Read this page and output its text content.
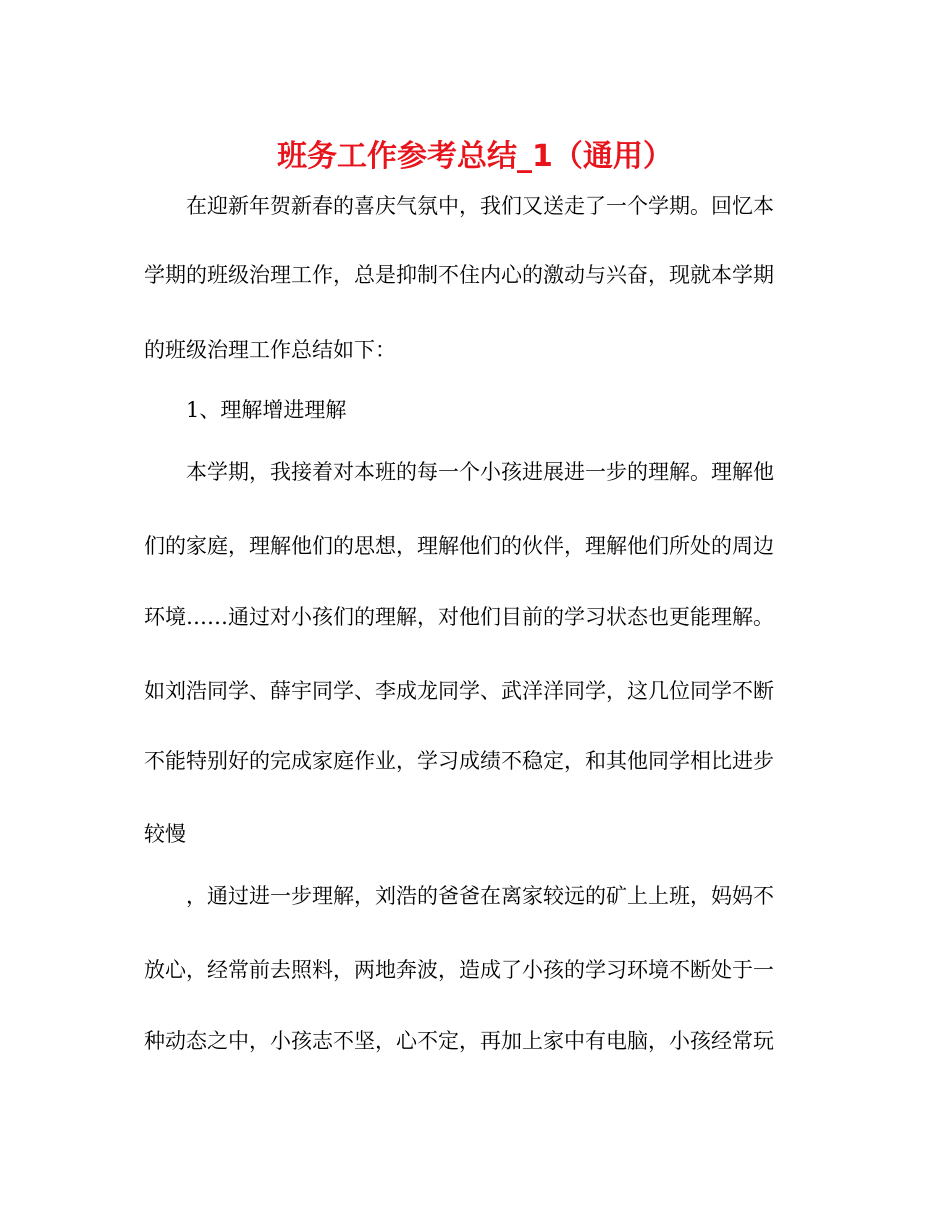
班务工作参考总结_1（通用）
　　在迎新年贺新春的喜庆气氛中，我们又送走了一个学期。回忆本
学期的班级治理工作，总是抑制不住内心的激动与兴奋，现就本学期
的班级治理工作总结如下：
　　1、理解增进理解
　　本学期，我接着对本班的每一个小孩进展进一步的理解。理解他
们的家庭，理解他们的思想，理解他们的伙伴，理解他们所处的周边
环境……通过对小孩们的理解，对他们目前的学习状态也更能理解。
如刘浩同学、薛宇同学、李成龙同学、武洋洋同学，这几位同学不断
不能特别好的完成家庭作业，学习成绩不稳定，和其他同学相比进步
较慢
　　，通过进一步理解，刘浩的爸爸在离家较远的矿上上班，妈妈不
放心，经常前去照料，两地奔波，造成了小孩的学习环境不断处于一
种动态之中，小孩志不坚，心不定，再加上家中有电脑，小孩经常玩
